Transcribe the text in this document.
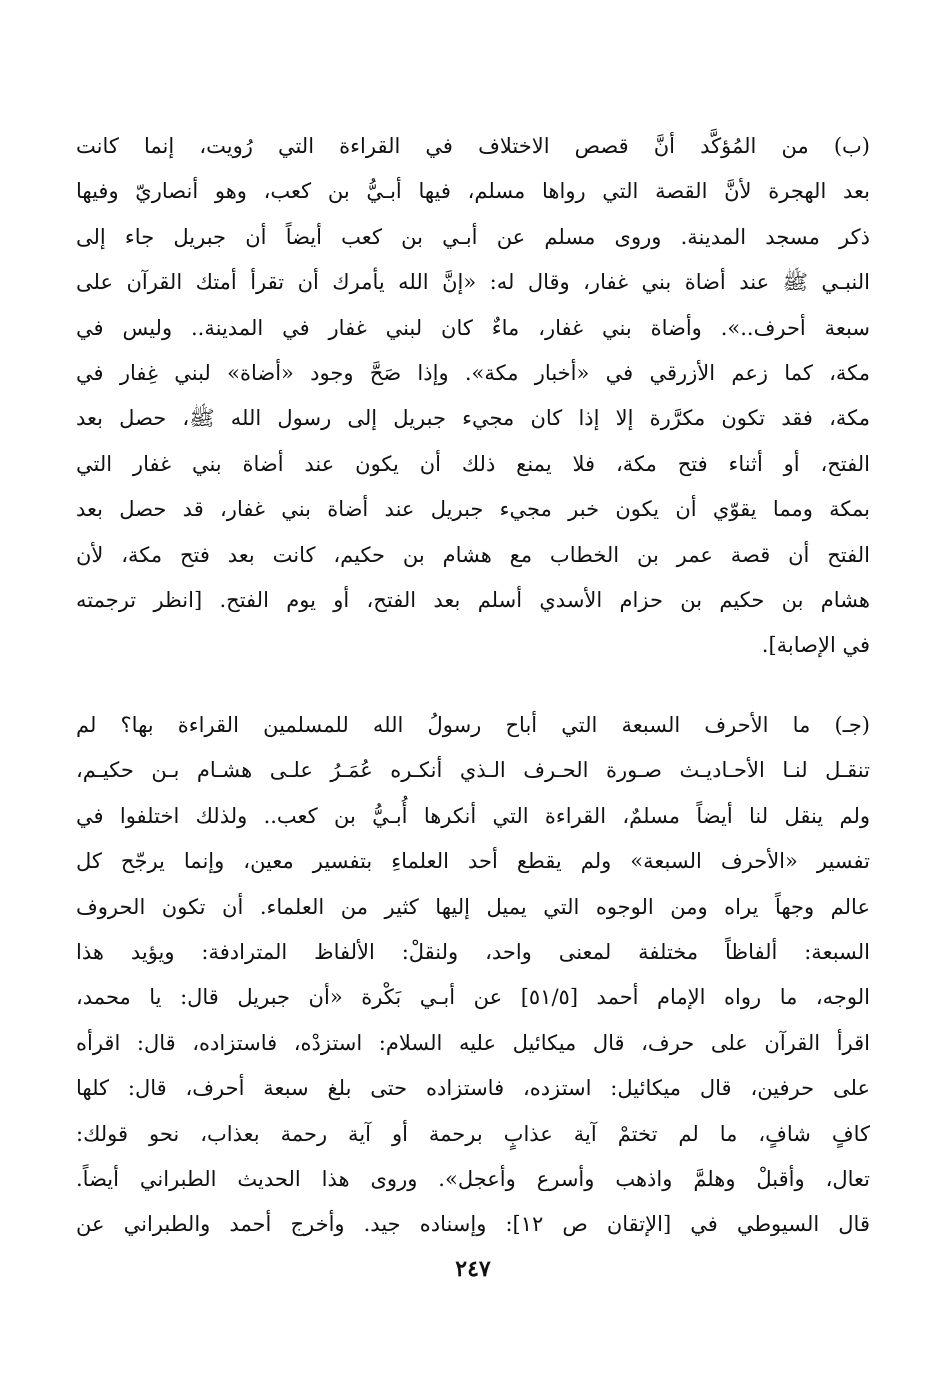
(ب) من المُؤكَّد أنَّ قصص الاختلاف في القراءة التي رُويت، إنما كانت
بعد الهجرة لأنَّ القصة التي رواها مسلم، فيها أبـيُّ بن كعب، وهو أنصاريّ وفيها
ذكر مسجد المدينة. وروى مسلم عن أبـي بن كعب أيضاً أن جبريل جاء إلى
النبـي ﷺ عند أضاة بني غفار، وقال له: «إنَّ الله يأمرك أن تقرأ أمتك القرآن على
سبعة أحرف..». وأضاة بني غفار، ماءٌ كان لبني غفار في المدينة.. وليس في
مكة، كما زعم الأزرقي في «أخبار مكة». وإذا صَحَّ وجود «أضاة» لبني غِفار في
مكة، فقد تكون مكرَّرة إلا إذا كان مجيء جبريل إلى رسول الله ﷺ، حصل بعد
الفتح، أو أثناء فتح مكة، فلا يمنع ذلك أن يكون عند أضاة بني غفار التي
بمكة ومما يقوّي أن يكون خبر مجيء جبريل عند أضاة بني غفار، قد حصل بعد
الفتح أن قصة عمر بن الخطاب مع هشام بن حكيم، كانت بعد فتح مكة، لأن
هشام بن حكيم بن حزام الأسدي أسلم بعد الفتح، أو يوم الفتح. [انظر ترجمته
في الإصابة].
(جـ) ما الأحرف السبعة التي أباح رسولُ الله للمسلمين القراءة بها؟ لم
تنقـل لنـا الأحـاديـث صـورة الحـرف الـذي أنكـره عُمَـرُ علـى هشـام بـن حكيـم،
ولم ينقل لنا أيضاً مسلمٌ، القراءة التي أنكرها أُبـيُّ بن كعب.. ولذلك اختلفوا في
تفسير «الأحرف السبعة» ولم يقطع أحد العلماءِ بتفسير معين، وإنما يرجّح كل
عالم وجهاً يراه ومن الوجوه التي يميل إليها كثير من العلماء. أن تكون الحروف
السبعة: ألفاظاً مختلفة لمعنى واحد، ولنقلْ: الألفاظ المترادفة: ويؤيد هذا
الوجه، ما رواه الإمام أحمد [٥١/٥] عن أبـي بَكْرة «أن جبريل قال: يا محمد،
اقرأ القرآن على حرف، قال ميكائيل عليه السلام: استزدْه، فاستزاده، قال: اقرأه
على حرفين، قال ميكائيل: استزده، فاستزاده حتى بلغ سبعة أحرف، قال: كلها
كافٍ شافٍ، ما لم تختمْ آية عذابٍ برحمة أو آية رحمة بعذاب، نحو قولك:
تعال، وأقبلْ وهلمَّ واذهب وأسرع وأعجل». وروى هذا الحديث الطبراني أيضاً.
قال السيوطي في [الإتقان ص ١٢]: وإسناده جيد. وأخرج أحمد والطبراني عن
٢٤٧
